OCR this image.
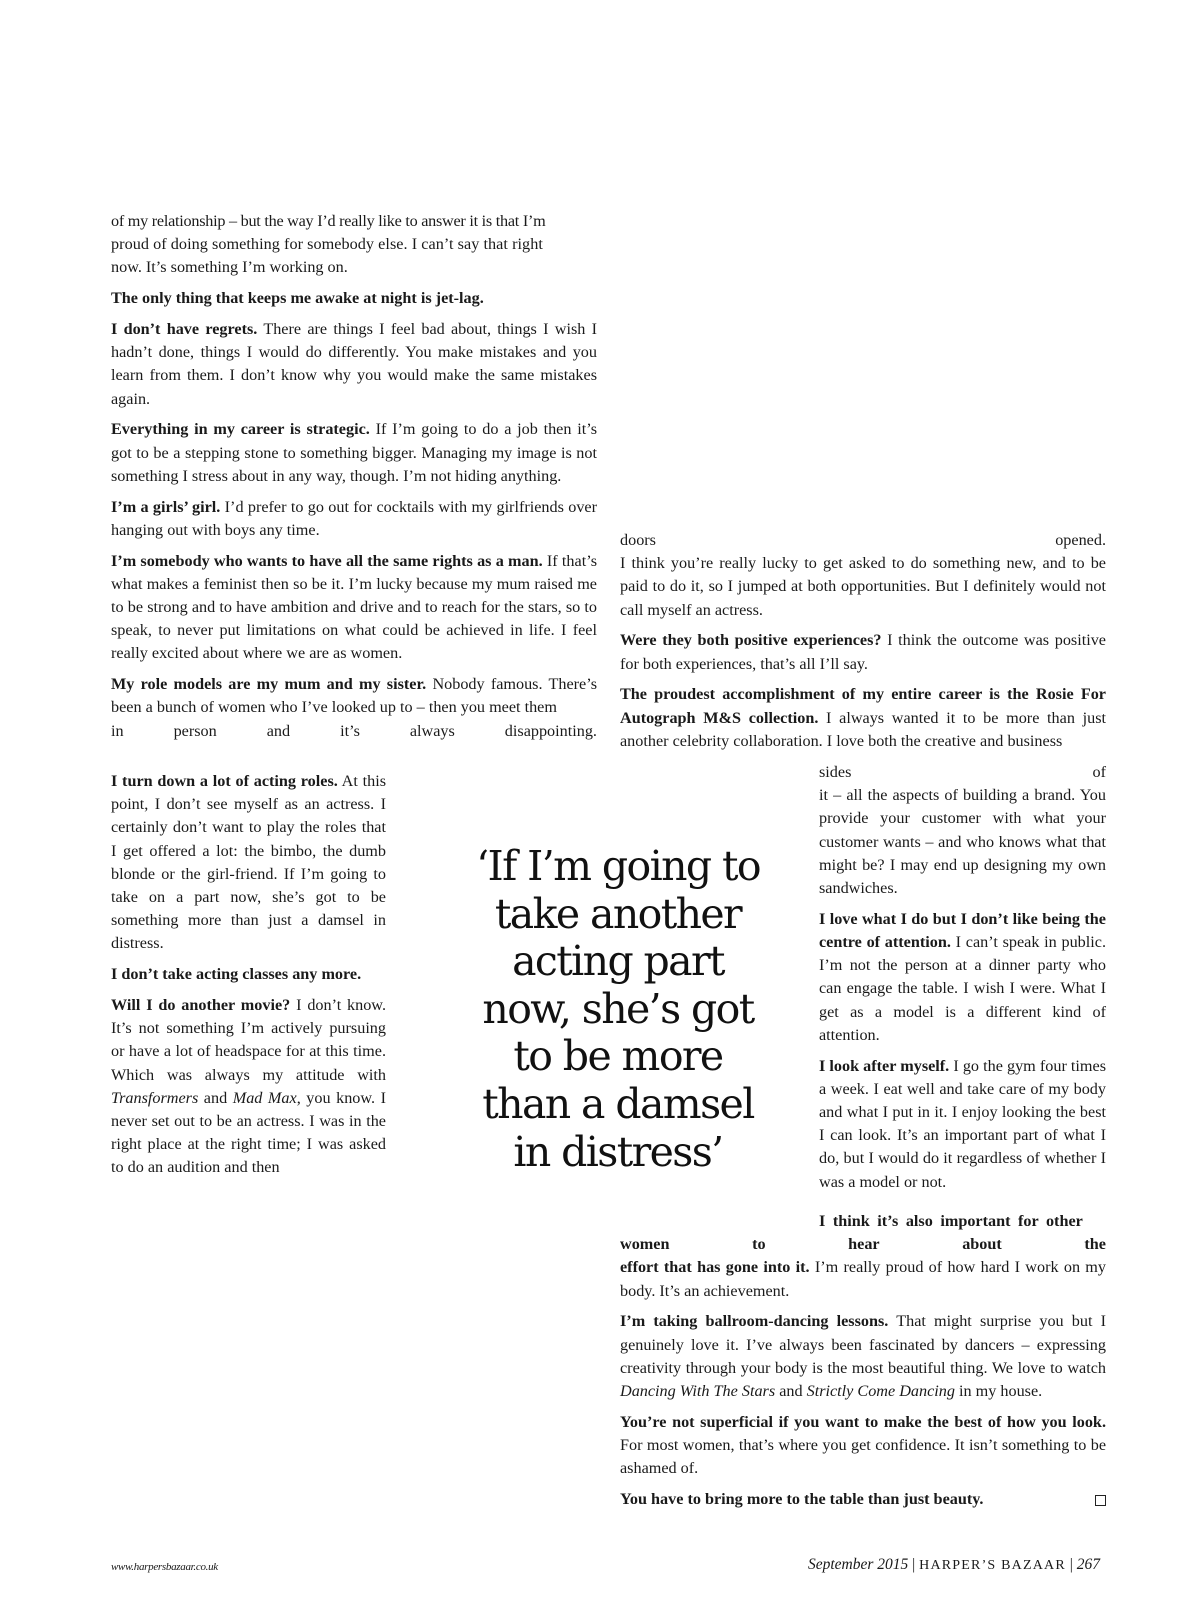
of my relationship – but the way I’d really like to answer it is that I’m
proud of doing something for somebody else. I can’t say that right
now. It’s something I’m working on.

The only thing that keeps me awake at night is jet-lag.

I don’t have regrets. There are things I feel bad about, things I wish I hadn’t done, things I would do differently. You make mistakes and you learn from them. I don’t know why you would make the same mistakes again.

Everything in my career is strategic. If I’m going to do a job then it’s got to be a stepping stone to something bigger. Managing my image is not something I stress about in any way, though. I’m not hiding anything.

I’m a girls’ girl. I’d prefer to go out for cocktails with my girlfriends over hanging out with boys any time.

I’m somebody who wants to have all the same rights as a man. If that’s what makes a feminist then so be it. I’m lucky because my mum raised me to be strong and to have ambition and drive and to reach for the stars, so to speak, to never put limitations on what could be achieved in life. I feel really excited about where we are as women.

My role models are my mum and my sister. Nobody famous. There’s been a bunch of women who I’ve looked up to – then you meet them
in	person	and	it’s	always	disappointing.

I turn down a lot of acting roles. At this point, I don’t see myself as an actress. I certainly don’t want to play the roles that I get offered a lot: the bimbo, the dumb blonde or the girl-friend. If I’m going to take on a part now, she’s got to be something more than just a damsel in distress.

I don’t take acting classes any more.

Will I do another movie? I don’t know. It’s not something I’m actively pursuing or have a lot of headspace for at this time. Which was always my attitude with Transformers and Mad Max, you know. I never set out to be an actress. I was in the right place at the right time; I was asked to do an audition and then

‘If I’m going to
take another
acting part
now, she’s got
to be more
than a damsel
in distress’

doors	opened.
I think you’re really lucky to get asked to do something new, and to be paid to do it, so I jumped at both opportunities. But I definitely would not call myself an actress.

Were they both positive experiences? I think the outcome was positive for both experiences, that’s all I’ll say.

The proudest accomplishment of my entire career is the Rosie For Autograph M&S collection. I always wanted it to be more than just another celebrity collaboration. I love both the creative and business

sides	of
it – all the aspects of building a brand. You provide your customer with what your customer wants – and who knows what that might be? I may end up designing my own sandwiches.

I love what I do but I don’t like being the centre of attention. I can’t speak in public. I’m not the person at a dinner party who can engage the table. I wish I were. What I get as a model is a different kind of attention.

I look after myself. I go the gym four times a week. I eat well and take care of my body and what I put in it. I enjoy looking the best I can look. It’s an important part of what I do, but I would do it regardless of whether I was a model or not.

I think it’s also important for other
women	to	hear	about	the
effort that has gone into it. I’m really proud of how hard I work on my body. It’s an achievement.

I’m taking ballroom-dancing lessons. That might surprise you but I genuinely love it. I’ve always been fascinated by dancers – expressing creativity through your body is the most beautiful thing. We love to watch Dancing With The Stars and Strictly Come Dancing in my house.

You’re not superficial if you want to make the best of how you look. For most women, that’s where you get confidence. It isn’t something to be ashamed of.

You have to bring more to the table than just beauty.

www.harpersbazaar.co.uk	September 2015 | HARPER’S BAZAAR | 267
